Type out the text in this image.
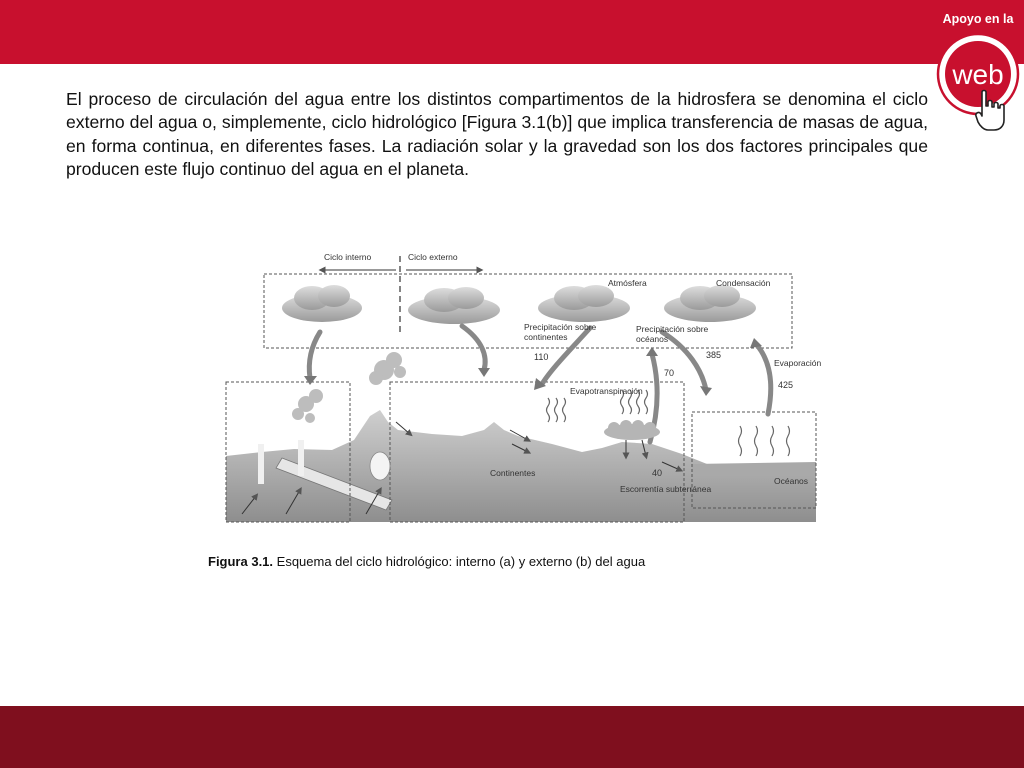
Apoyo en la
web

El proceso de circulación del agua entre los distintos compartimentos de la hidrosfera se denomina el ciclo externo del agua o, simplemente, ciclo hidrológico [Figura 3.1(b)] que implica transferencia de masas de agua, en forma continua, en diferentes fases. La radiación solar y la gravedad son los dos factores principales que producen este flujo continuo del agua en el planeta.

Ciclo interno	Ciclo externo
Atmósfera	Condensación
Precipitación sobre
continentes
110
Precipitación sobre
océanos
385
Evaporación
425
70
Evapotranspiración
Continentes	40
Escorrentía subterránea
Océanos
Figura 3.1. Esquema del ciclo hidrológico: interno (a) y externo (b) del agua
